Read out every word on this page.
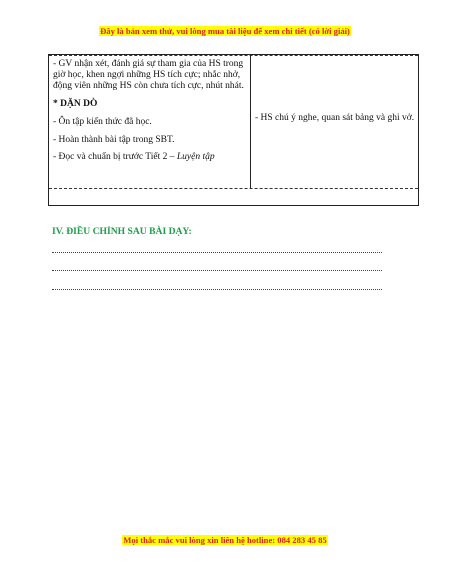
Đây là bản xem thử, vui lòng mua tài liệu để xem chi tiết (có lời giải)

- GV nhận xét, đánh giá sự tham gia của HS trong giờ học, khen ngợi những HS tích cực; nhắc nhở, động viên những HS còn chưa tích cực, nhút nhát.

* DẶN DÒ

- Ôn tập kiến thức đã học.

- Hoàn thành bài tập trong SBT.

- Đọc và chuẩn bị trước Tiết 2 – Luyện tập

- HS chú ý nghe, quan sát bảng và ghi vở.
IV. ĐIỀU CHỈNH SAU BÀI DẠY:
Mọi thắc mắc vui lòng xin liên hệ hotline: 084 283 45 85
